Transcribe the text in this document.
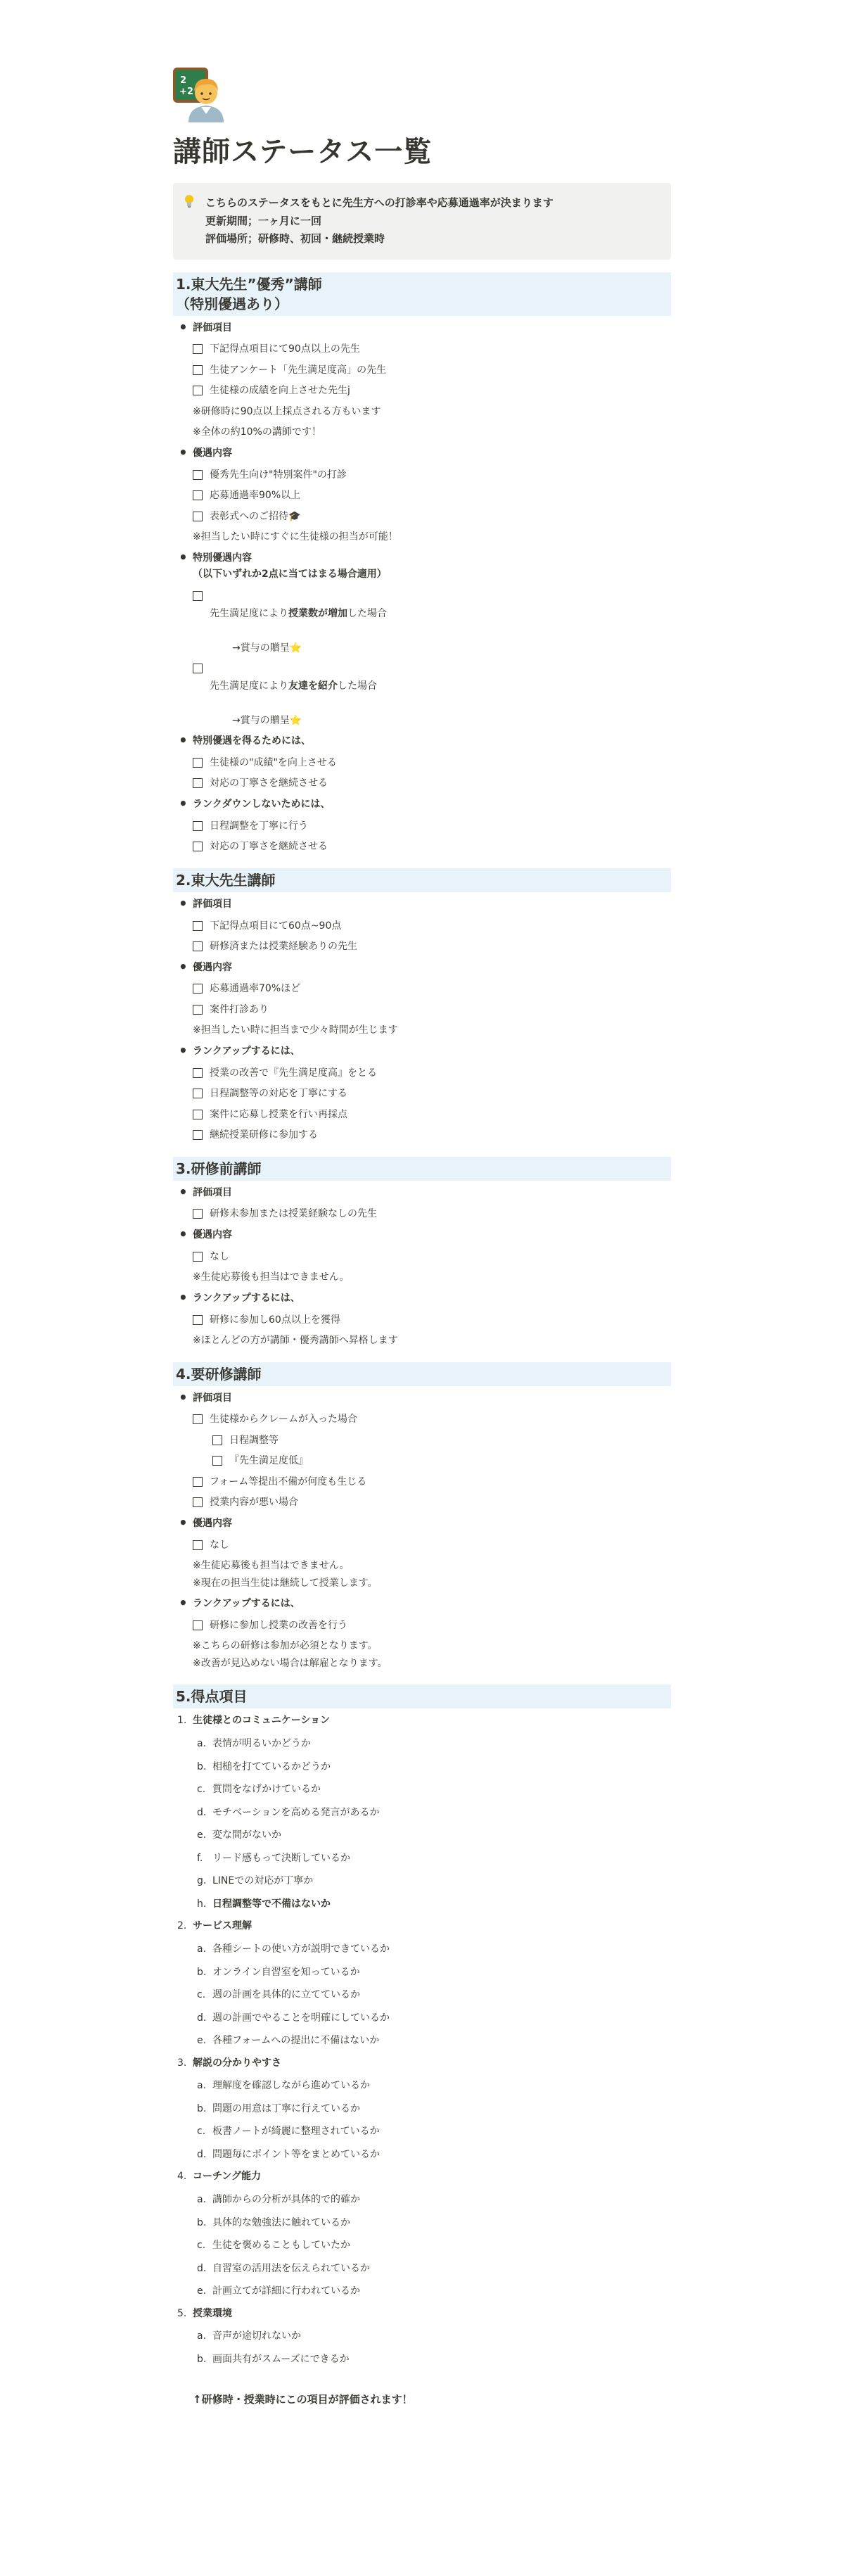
2
+2
講師ステータス一覧
こちらのステータスをもとに先生方への打診率や応募通過率が決まります
更新期間；一ヶ月に一回
評価場所；研修時、初回・継続授業時
1.東大先生”優秀”講師
（特別優遇あり）
• 評価項目
下記得点項目にて90点以上の先生
生徒アンケート「先生満足度高」の先生
生徒様の成績を向上させた先生j
※研修時に90点以上採点される方もいます
※全体の約10%の講師です！
• 優遇内容
優秀先生向け"特別案件"の打診
応募通過率90%以上
表彰式へのご招待🎓
※担当したい時にすぐに生徒様の担当が可能！
• 特別優遇内容
（以下いずれか2点に当てはまる場合適用）

先生満足度により授業数が増加した場合

→賞与の贈呈⭐

先生満足度により友達を紹介した場合

→賞与の贈呈⭐

• 特別優遇を得るためには、
生徒様の"成績"を向上させる
対応の丁寧さを継続させる
• ランクダウンしないためには、
日程調整を丁寧に行う
対応の丁寧さを継続させる
2.東大先生講師
• 評価項目
下記得点項目にて60点~90点
研修済または授業経験ありの先生
• 優遇内容
応募通過率70%ほど
案件打診あり
※担当したい時に担当まで少々時間が生じます
• ランクアップするには、
授業の改善で『先生満足度高』をとる
日程調整等の対応を丁寧にする
案件に応募し授業を行い再採点
継続授業研修に参加する
3.研修前講師
• 評価項目
研修未参加または授業経験なしの先生
• 優遇内容
なし
※生徒応募後も担当はできません。
• ランクアップするには、
研修に参加し60点以上を獲得
※ほとんどの方が講師・優秀講師へ昇格します
4.要研修講師
• 評価項目
生徒様からクレームが入った場合
日程調整等
『先生満足度低』
フォーム等提出不備が何度も生じる
授業内容が悪い場合
• 優遇内容
なし
※生徒応募後も担当はできません。
※現在の担当生徒は継続して授業します。
• ランクアップするには、
研修に参加し授業の改善を行う
※こちらの研修は参加が必須となります。
※改善が見込めない場合は解雇となります。
5.得点項目
1. 生徒様とのコミュニケーション
a. 表情が明るいかどうか
b. 相槌を打てているかどうか
c. 質問をなげかけているか
d. モチベーションを高める発言があるか
e. 変な間がないか
f. リード感もって決断しているか
g. LINEでの対応が丁寧か
h. 日程調整等で不備はないか
2. サービス理解
a. 各種シートの使い方が説明できているか
b. オンライン自習室を知っているか
c. 週の計画を具体的に立てているか
d. 週の計画でやることを明確にしているか
e. 各種フォームへの提出に不備はないか
3. 解説の分かりやすさ
a. 理解度を確認しながら進めているか
b. 問題の用意は丁寧に行えているか
c. 板書ノートが綺麗に整理されているか
d. 問題毎にポイント等をまとめているか
4. コーチング能力
a. 講師からの分析が具体的で的確か
b. 具体的な勉強法に触れているか
c. 生徒を褒めることもしていたか
d. 自習室の活用法を伝えられているか
e. 計画立てが詳細に行われているか
5. 授業環境
a. 音声が途切れないか
b. 画面共有がスムーズにできるか
↑研修時・授業時にこの項目が評価されます！
